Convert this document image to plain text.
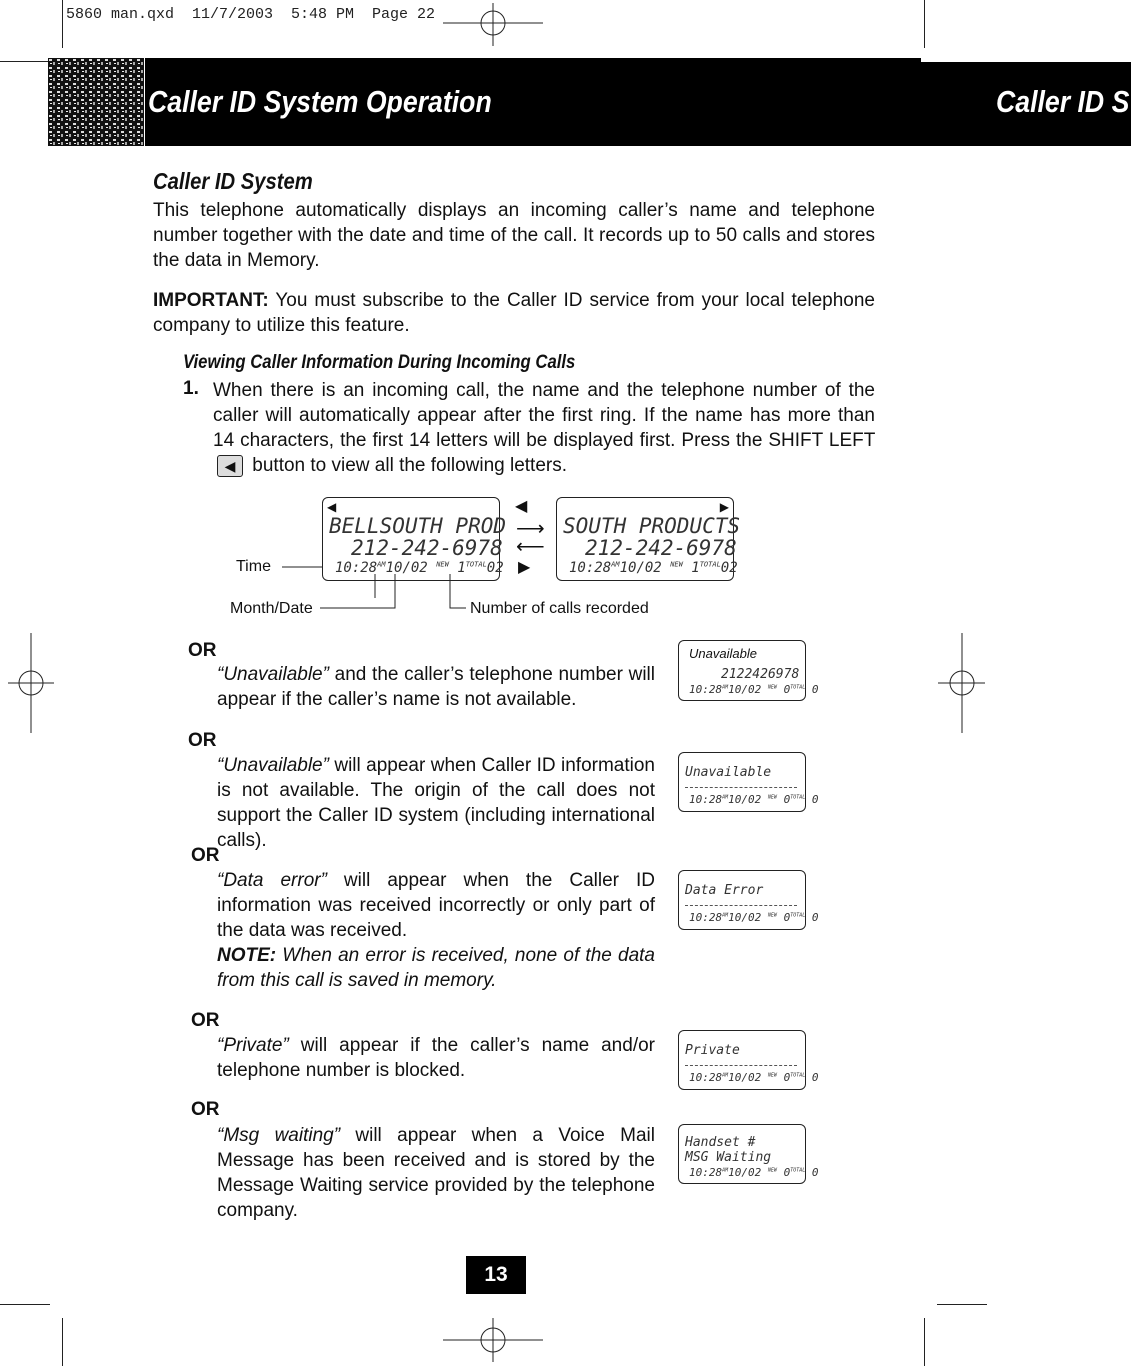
5860 man.qxd  11/7/2003  5:48 PM  Page 22
Caller ID System Operation	Caller ID S
Caller ID System
This telephone automatically displays an incoming caller’s name and telephone number together with the date and time of the call. It records up to 50 calls and stores the data in Memory.
IMPORTANT: You must subscribe to the Caller ID service from your local telephone company to utilize this feature.
Viewing Caller Information During Incoming Calls
1. When there is an incoming call, the name and the telephone number of the caller will automatically appear after the first ring. If the name has more than 14 characters, the first 14 letters will be displayed first. Press the SHIFT LEFT ◀ button to view all the following letters.
◀
BELLSOUTH PROD
212-242-6978
$10:28^{AM}10/02$ $^{NEW}$ $1^{TOTAL}02$
◀
⟶
⟵
▶
▶
SOUTH PRODUCTS
212-242-6978
$10:28^{AM}10/02$ $^{NEW}$ $1^{TOTAL}02$
Time
Month/Date	Number of calls recorded
OR
“Unavailable” and the caller’s telephone number will appear if the caller’s name is not available.
OR
“Unavailable” will appear when Caller ID information is not available. The origin of the call does not support the Caller ID system (including international calls).
OR
“Data error” will appear when the Caller ID information was received incorrectly or only part of the data was received.
NOTE: When an error is received, none of the data from this call is saved in memory.
OR
“Private” will appear if the caller’s name and/or telephone number is blocked.
OR
“Msg waiting” will appear when a Voice Mail Message has been received and is stored by the Message Waiting service provided by the telephone company.
Unavailable
2122426978
$10:28^{AM}10/02$ $^{NEW}$ $0^{TOTAL}$ 0
Unavailable
$10:28^{AM}10/02$ $^{NEW}$ $0^{TOTAL}$ 0
Data Error
$10:28^{AM}10/02$ $^{NEW}$ $0^{TOTAL}$ 0
Private
$10:28^{AM}10/02$ $^{NEW}$ $0^{TOTAL}$ 0
Handset #
MSG Waiting
$10:28^{AM}10/02$ $^{NEW}$ $0^{TOTAL}$ 0
13
